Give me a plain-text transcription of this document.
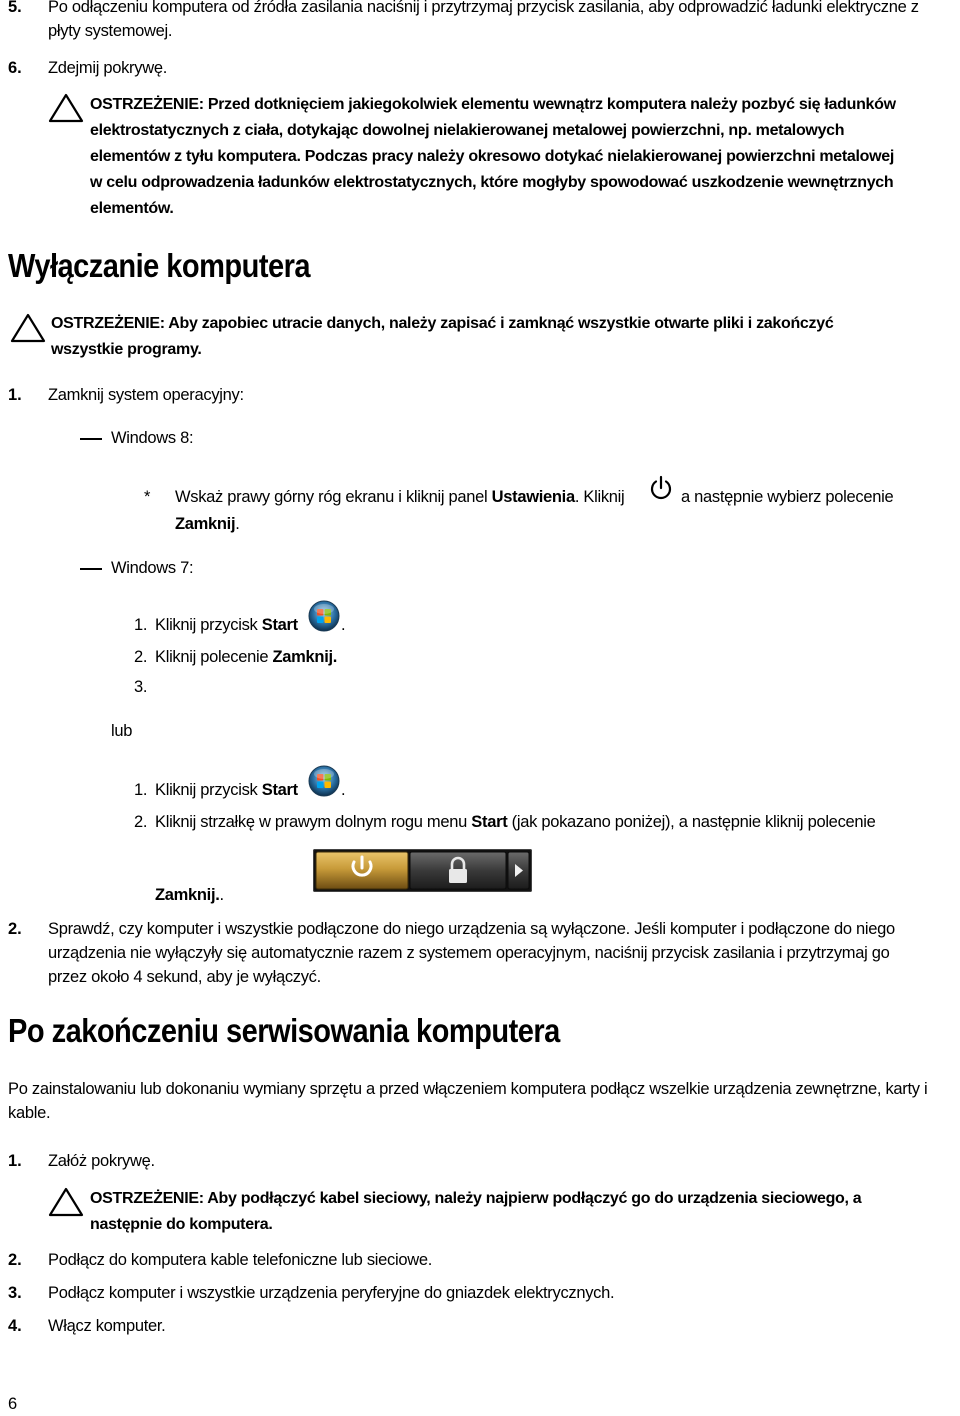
5. Po odłączeniu komputera od źródła zasilania naciśnij i przytrzymaj przycisk zasilania, aby odprowadzić ładunki elektryczne z
płyty systemowej.
6. Zdejmij pokrywę.
OSTRZEŻENIE: Przed dotknięciem jakiegokolwiek elementu wewnątrz komputera należy pozbyć się ładunków
elektrostatycznych z ciała, dotykając dowolnej nielakierowanej metalowej powierzchni, np. metalowych
elementów z tyłu komputera. Podczas pracy należy okresowo dotykać nielakierowanej powierzchni metalowej
w celu odprowadzenia ładunków elektrostatycznych, które mogłyby spowodować uszkodzenie wewnętrznych
elementów.
Wyłączanie komputera
OSTRZEŻENIE: Aby zapobiec utracie danych, należy zapisać i zamknąć wszystkie otwarte pliki i zakończyć
wszystkie programy.
1. Zamknij system operacyjny:
Windows 8:
* Wskaż prawy górny róg ekranu i kliknij panel Ustawienia. Kliknij	a następnie wybierz polecenie
Zamknij.
Windows 7:
1. Kliknij przycisk Start	.
2. Kliknij polecenie Zamknij.
3.
lub
1. Kliknij przycisk Start	.
2. Kliknij strzałkę w prawym dolnym rogu menu Start (jak pokazano poniżej), a następnie kliknij polecenie
Zamknij..
2. Sprawdź, czy komputer i wszystkie podłączone do niego urządzenia są wyłączone. Jeśli komputer i podłączone do niego
urządzenia nie wyłączyły się automatycznie razem z systemem operacyjnym, naciśnij przycisk zasilania i przytrzymaj go
przez około 4 sekund, aby je wyłączyć.
Po zakończeniu serwisowania komputera
Po zainstalowaniu lub dokonaniu wymiany sprzętu a przed włączeniem komputera podłącz wszelkie urządzenia zewnętrzne, karty i
kable.
1. Załóż pokrywę.
OSTRZEŻENIE: Aby podłączyć kabel sieciowy, należy najpierw podłączyć go do urządzenia sieciowego, a
następnie do komputera.
2. Podłącz do komputera kable telefoniczne lub sieciowe.
3. Podłącz komputer i wszystkie urządzenia peryferyjne do gniazdek elektrycznych.
4. Włącz komputer.
6
